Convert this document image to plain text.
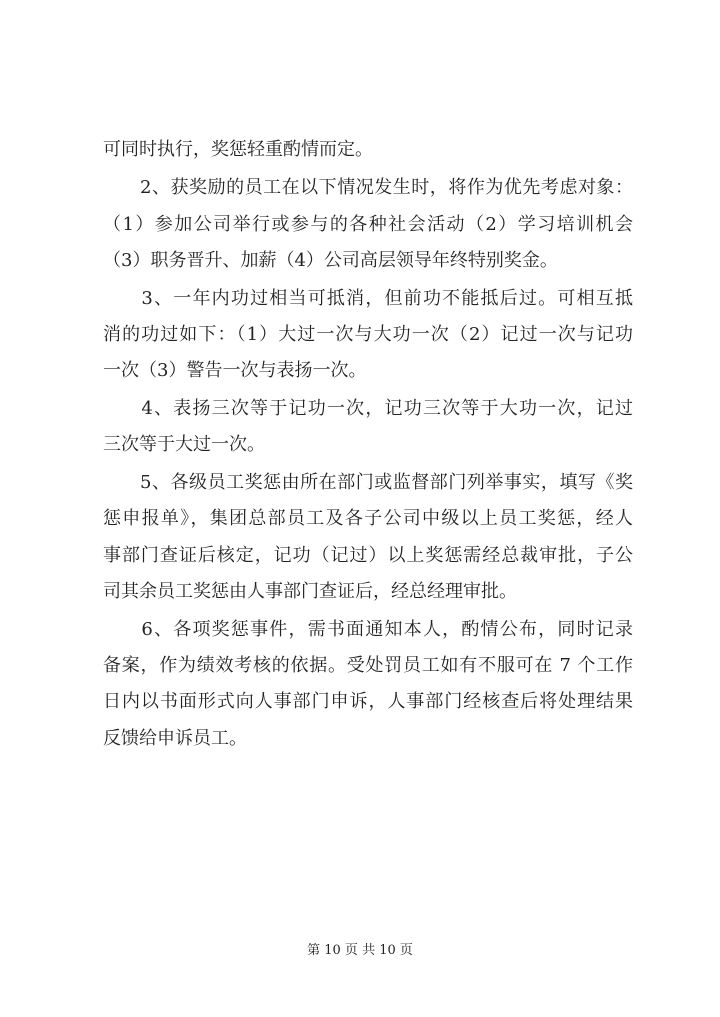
可同时执行，奖惩轻重酌情而定。
　　2、获奖励的员工在以下情况发生时，将作为优先考虑对象：
（1）参加公司举行或参与的各种社会活动（2）学习培训机会
（3）职务晋升、加薪（4）公司高层领导年终特别奖金。
　　3、一年内功过相当可抵消，但前功不能抵后过。可相互抵
消的功过如下：（1）大过一次与大功一次（2）记过一次与记功
一次（3）警告一次与表扬一次。
　　4、表扬三次等于记功一次，记功三次等于大功一次，记过
三次等于大过一次。
　　5、各级员工奖惩由所在部门或监督部门列举事实，填写《奖
惩申报单》，集团总部员工及各子公司中级以上员工奖惩，经人
事部门查证后核定，记功（记过）以上奖惩需经总裁审批，子公
司其余员工奖惩由人事部门查证后，经总经理审批。
　　6、各项奖惩事件，需书面通知本人，酌情公布，同时记录
备案，作为绩效考核的依据。受处罚员工如有不服可在 7 个工作
日内以书面形式向人事部门申诉，人事部门经核查后将处理结果
反馈给申诉员工。
第 10 页 共 10 页
